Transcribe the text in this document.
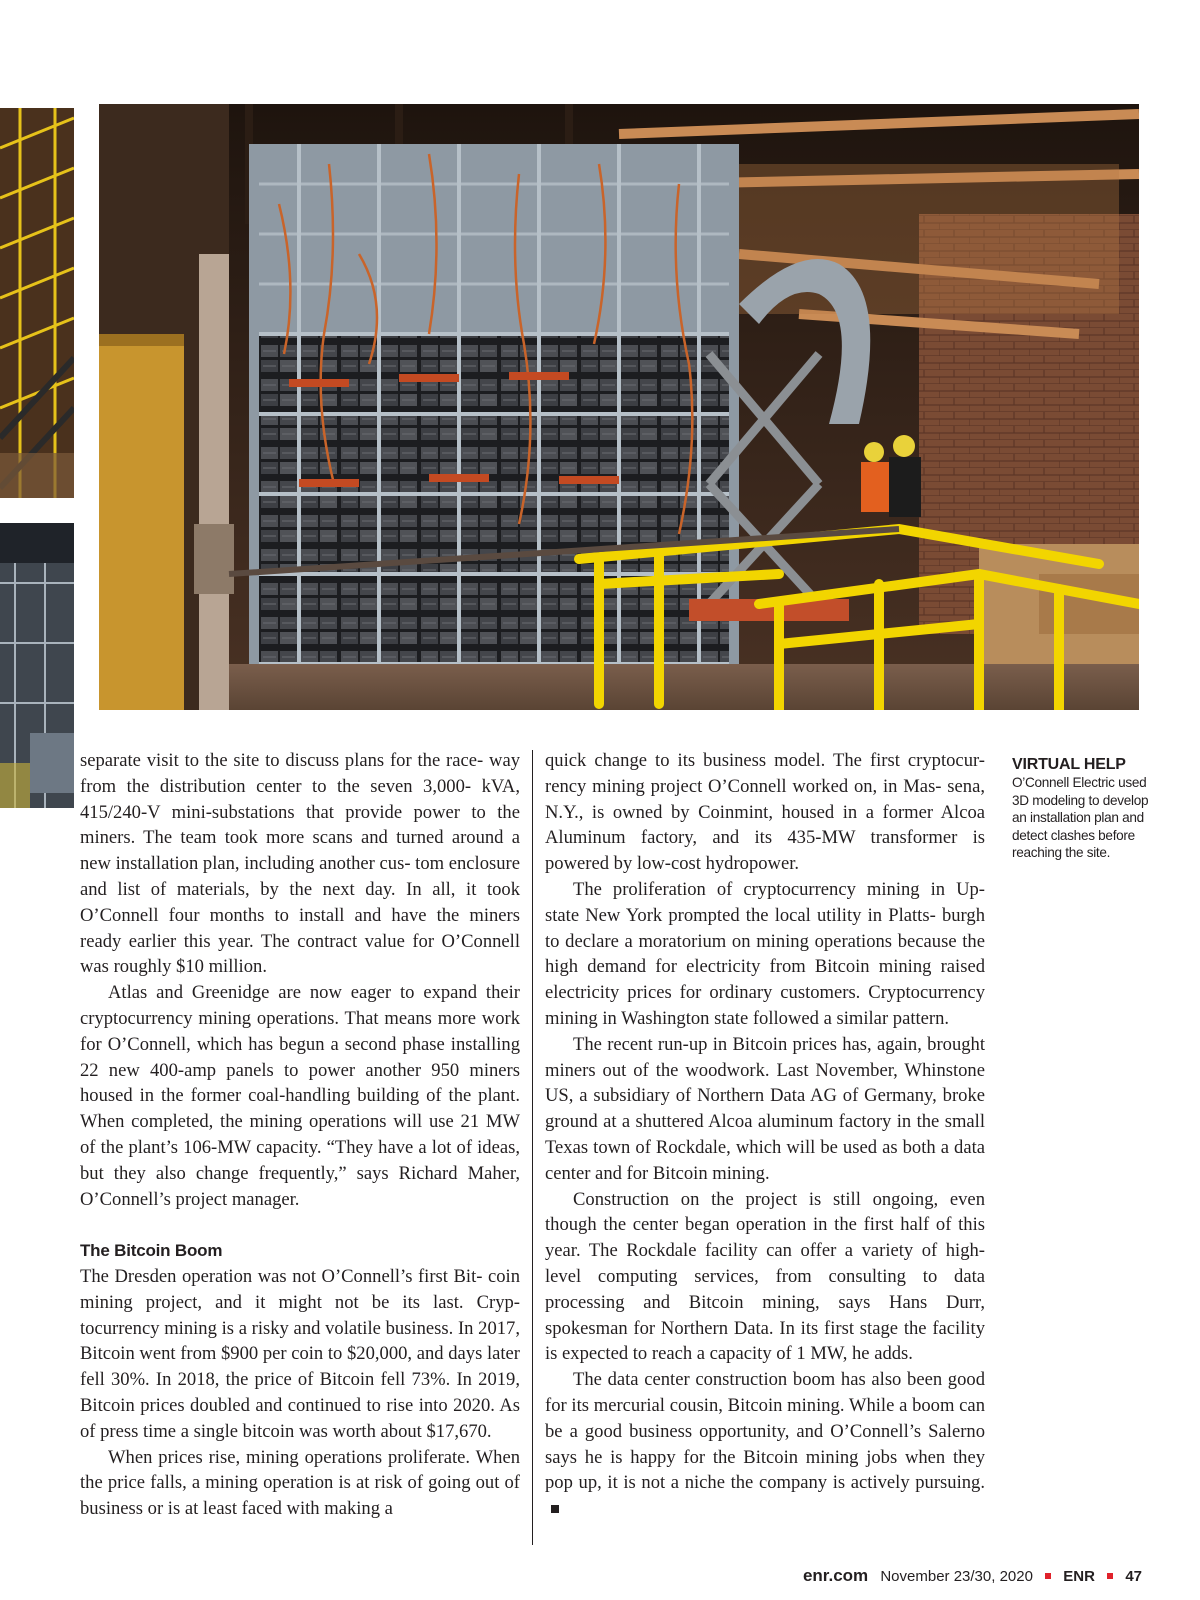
separate visit to the site to discuss plans for the race- way from the distribution center to the seven 3,000- kVA, 415/240-V mini-substations that provide power to the miners. The team took more scans and turned around a new installation plan, including another cus- tom enclosure and list of materials, by the next day. In all, it took O’Connell four months to install and have the miners ready earlier this year. The contract value for O’Connell was roughly $10 million.

Atlas and Greenidge are now eager to expand their cryptocurrency mining operations. That means more work for O’Connell, which has begun a second phase installing 22 new 400-amp panels to power another 950 miners housed in the former coal-handling building of the plant. When completed, the mining operations will use 21 MW of the plant’s 106-MW capacity. “They have a lot of ideas, but they also change frequently,” says Richard Maher, O’Connell’s project manager.

The Bitcoin Boom

The Dresden operation was not O’Connell’s first Bit- coin mining project, and it might not be its last. Cryp- tocurrency mining is a risky and volatile business. In 2017, Bitcoin went from $900 per coin to $20,000, and days later fell 30%. In 2018, the price of Bitcoin fell 73%. In 2019, Bitcoin prices doubled and continued to rise into 2020. As of press time a single bitcoin was worth about $17,670.

When prices rise, mining operations proliferate. When the price falls, a mining operation is at risk of going out of business or is at least faced with making a

quick change to its business model. The first cryptocur- rency mining project O’Connell worked on, in Mas- sena, N.Y., is owned by Coinmint, housed in a former Alcoa Aluminum factory, and its 435-MW transformer is powered by low-cost hydropower.

The proliferation of cryptocurrency mining in Up- state New York prompted the local utility in Platts- burgh to declare a moratorium on mining operations because the high demand for electricity from Bitcoin mining raised electricity prices for ordinary customers. Cryptocurrency mining in Washington state followed a similar pattern.

The recent run-up in Bitcoin prices has, again, brought miners out of the woodwork. Last November, Whinstone US, a subsidiary of Northern Data AG of Germany, broke ground at a shuttered Alcoa aluminum factory in the small Texas town of Rockdale, which will be used as both a data center and for Bitcoin mining.

Construction on the project is still ongoing, even though the center began operation in the first half of this year. The Rockdale facility can offer a variety of high-level computing services, from consulting to data processing and Bitcoin mining, says Hans Durr, spokesman for Northern Data. In its first stage the facility is expected to reach a capacity of 1 MW, he adds.

The data center construction boom has also been good for its mercurial cousin, Bitcoin mining. While a boom can be a good business opportunity, and O’Connell’s Salerno says he is happy for the Bitcoin mining jobs when they pop up, it is not a niche the company is actively pursuing.

VIRTUAL HELP
O’Connell Electric used 3D modeling to develop an installation plan and detect clashes before reaching the site.
enr.com November 23/30, 2020 ENR 47
